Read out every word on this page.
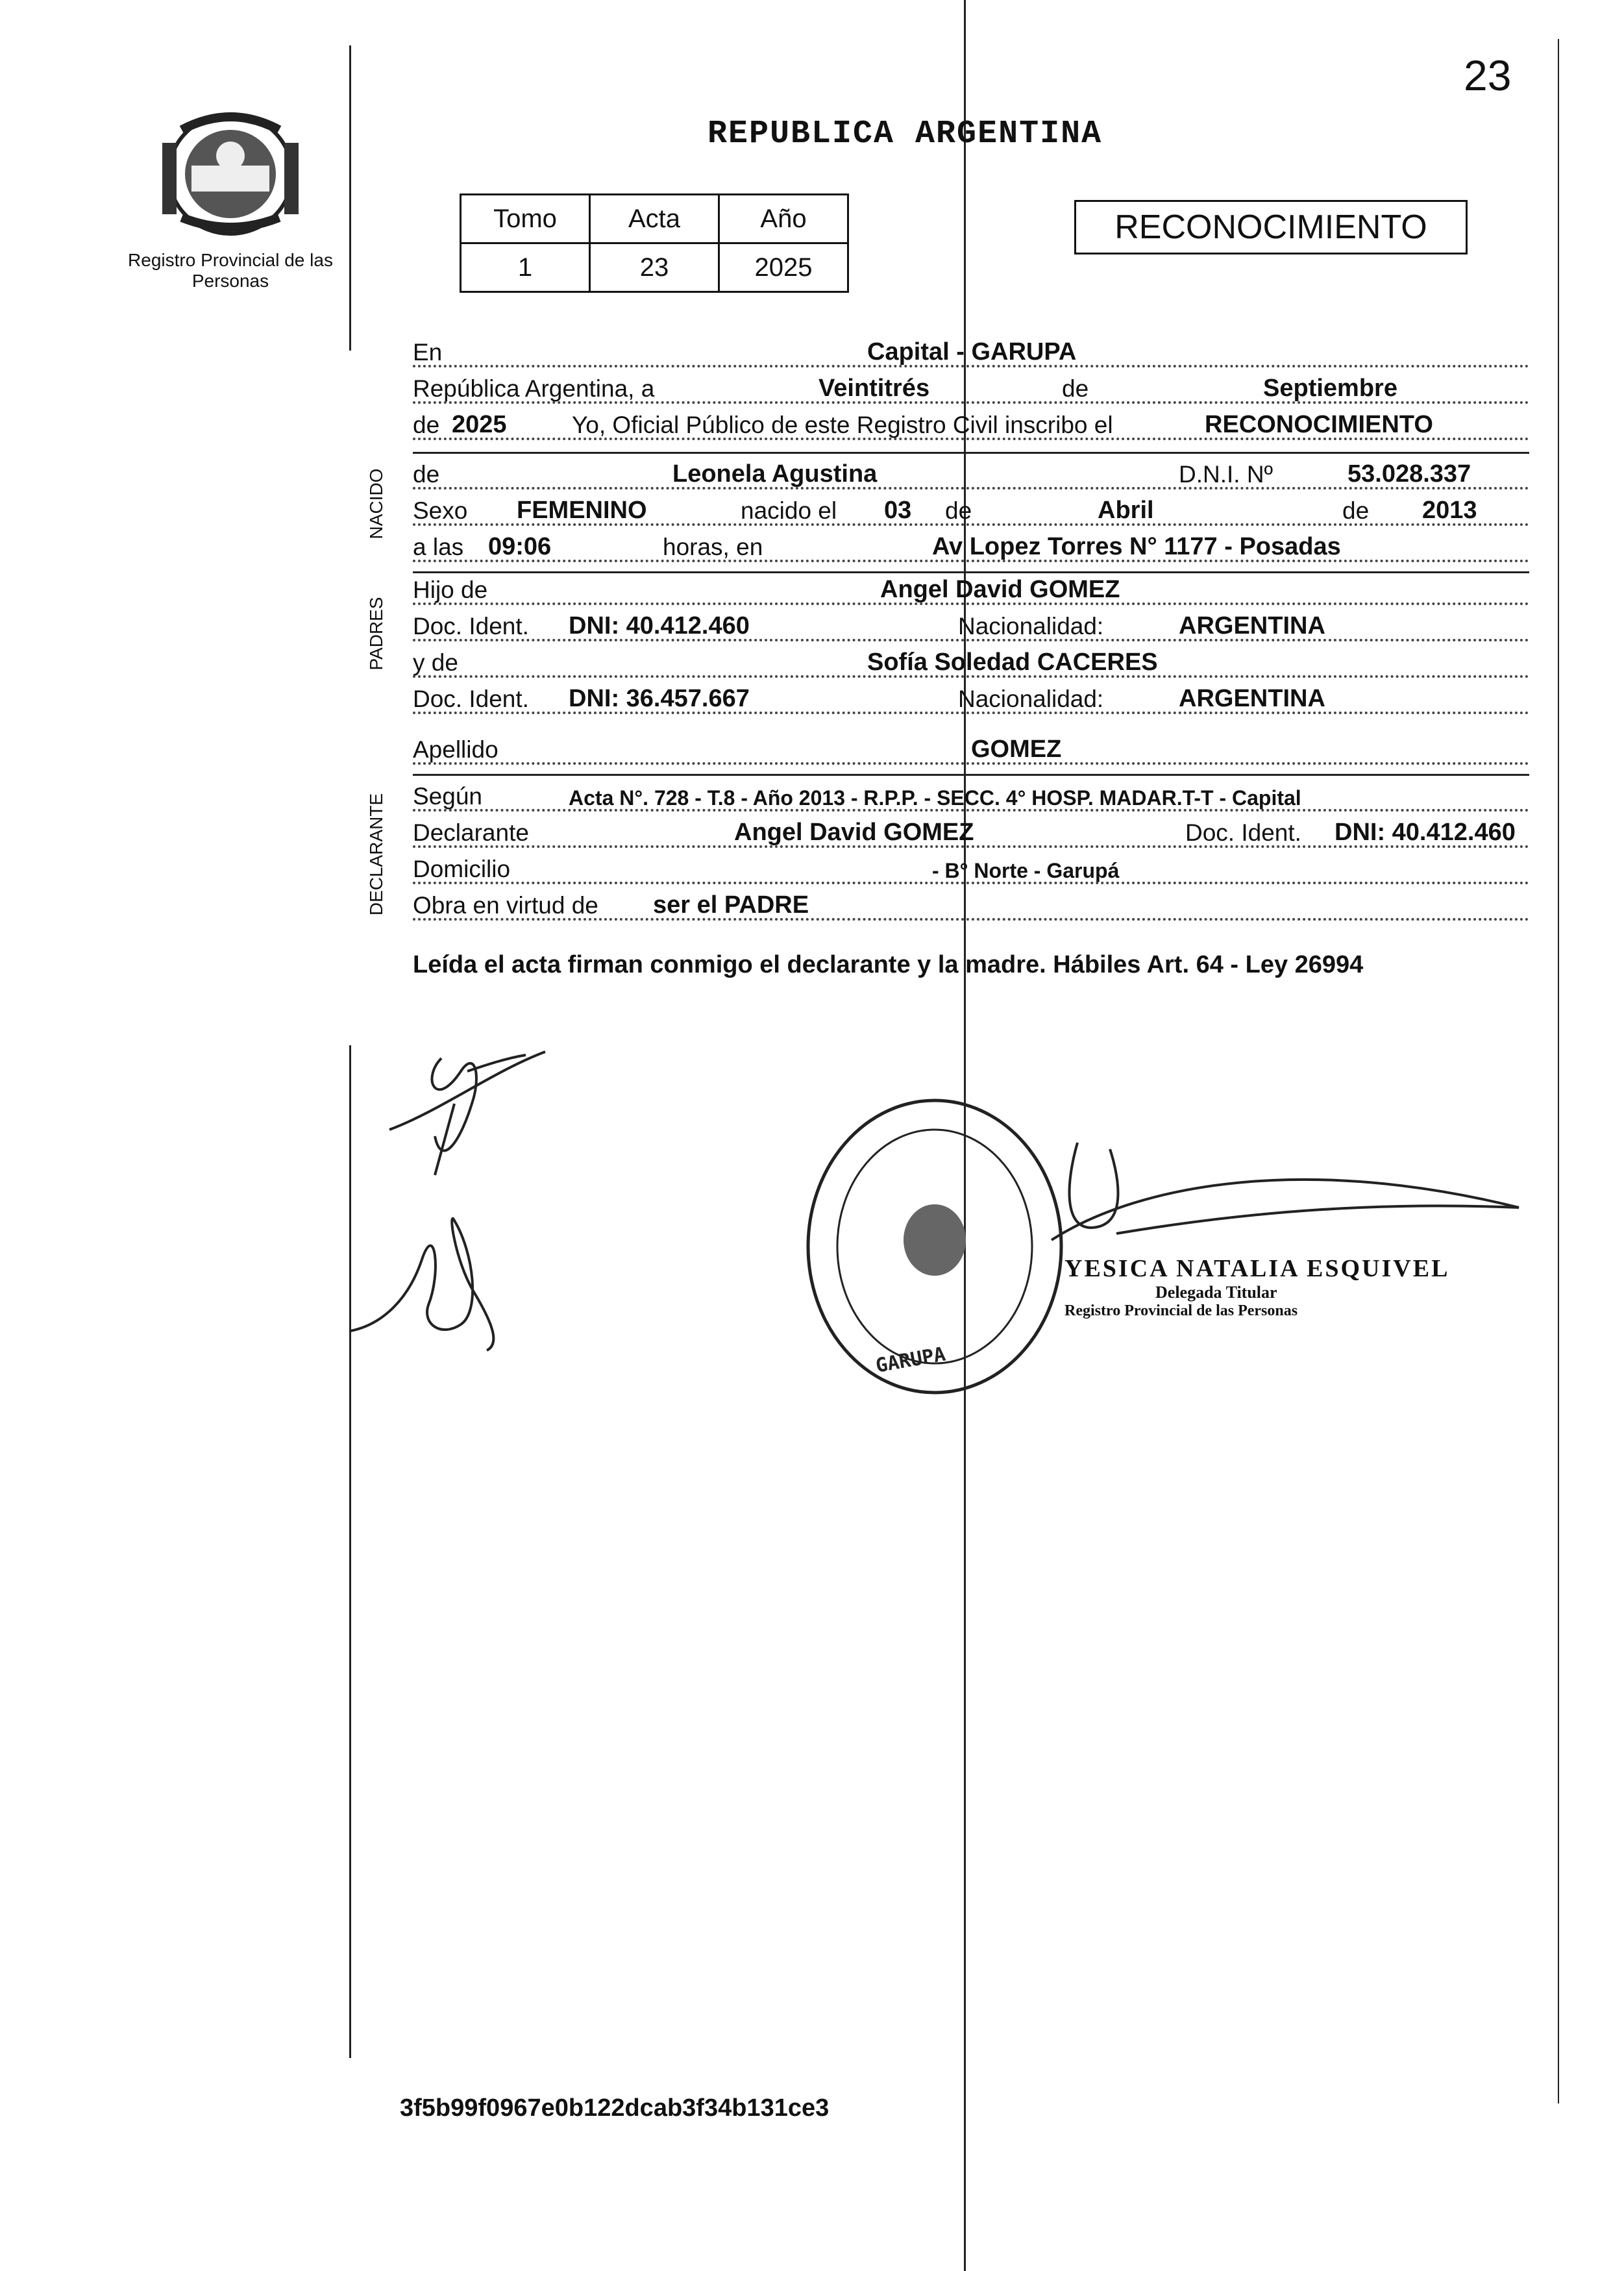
23
Registro Provincial de las Personas
REPUBLICA ARGENTINA
Tomo	Acta	Año
1	23	2025
RECONOCIMIENTO
En	Capital - GARUPA
República Argentina, a	Veintitrés	de	Septiembre
de 2025	Yo, Oficial Público de este Registro Civil inscribo el	RECONOCIMIENTO
NACIDO de	Leonela Agustina	D.N.I. Nº	53.028.337
Sexo FEMENINO	nacido el 03 de	Abril	de 2013
a las 09:06	horas, en	Av Lopez Torres N° 1177 - Posadas
PADRES
Hijo de	Angel David GOMEZ
Doc. Ident. DNI: 40.412.460	Nacionalidad:	ARGENTINA
y de	Sofía Soledad CACERES
Doc. Ident. DNI: 36.457.667	Nacionalidad:	ARGENTINA
Apellido	GOMEZ
DECLARANTE Según	Acta N°. 728 - T.8 - Año 2013 - R.P.P. - SECC. 4° HOSP. MADAR.T-T - Capital
Declarante	Angel David GOMEZ	Doc. Ident. DNI: 40.412.460
Domicilio	- B° Norte - Garupá
Obra en virtud de ser el PADRE
Leída el acta firman conmigo el declarante y la madre. Hábiles Art. 64 - Ley 26994
GARUPA
YESICA NATALIA ESQUIVEL
Delegada Titular
Registro Provincial de las Personas
3f5b99f0967e0b122dcab3f34b131ce3
